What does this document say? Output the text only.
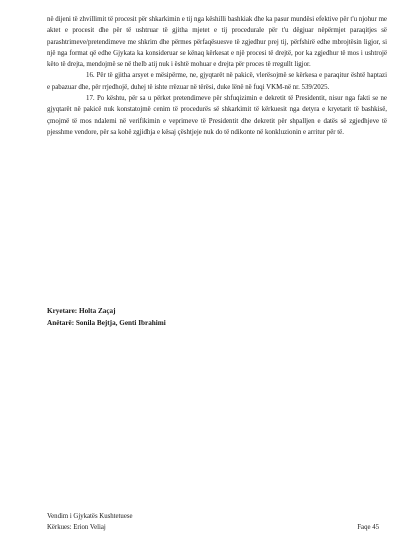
në dijeni të zhvillimit të procesit për shkarkimin e tij nga këshilli bashkiak dhe ka pasur mundësi efektive për t'u njohur me aktet e procesit dhe për të ushtruar të gjitha mjetet e tij procedurale për t'u dëgjuar nëpërmjet paraqitjes së parashtrimeve/pretendimeve me shkrim dhe përmes përfaqësuesve të zgjedhur prej tij, përfshirë edhe mbrojtësin ligjor, si një nga format që edhe Gjykata ka konsideruar se kënaq kërkesat e një procesi të drejtë, por ka zgjedhur të mos i ushtrojë këto të drejta, mendojmë se në thelb atij nuk i është mohuar e drejta për proces të rregullt ligjor.

16. Për të gjitha arsyet e mësipërme, ne, gjyqtarët në pakicë, vlerësojmë se kërkesa e paraqitur është haptazi e pabazuar dhe, për rrjedhojë, duhej të ishte rrëzuar në tërësi, duke lënë në fuqi VKM-në nr. 539/2025.

17. Po kështu, për sa u përket pretendimeve për shfuqizimin e dekretit të Presidentit, nisur nga fakti se ne gjyqtarët në pakicë nuk konstatojmë cenim të procedurës së shkarkimit të kërkuesit nga detyra e kryetarit të bashkisë, çmojmë të mos ndalemi në verifikimin e veprimeve të Presidentit dhe dekretit për shpalljen e datës së zgjedhjeve të pjesshme vendore, për sa kohë zgjidhja e kësaj çështjeje nuk do të ndikonte në konkluzionin e arritur për të.

Kryetare: Holta Zaçaj
Anëtarë: Sonila Bejtja, Genti Ibrahimi
Vendim i Gjykatës Kushtetuese
Kërkues: Erion Veliaj	Faqe 45
